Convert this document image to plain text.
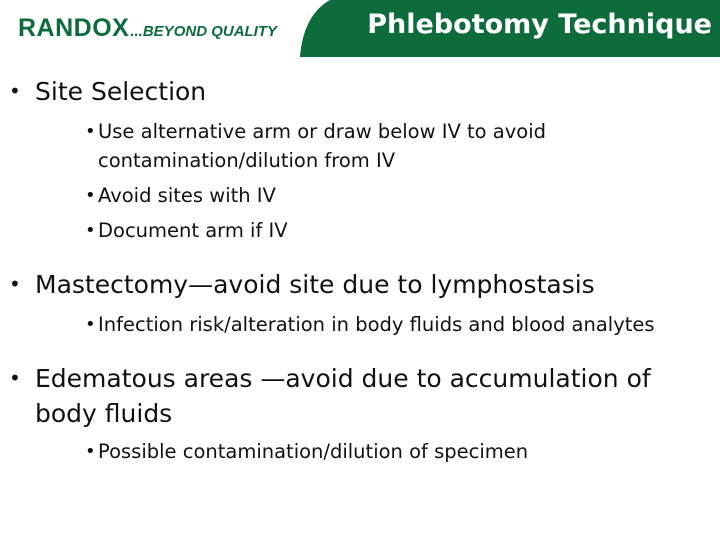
RANDOX ...BEYOND QUALITY	Phlebotomy Technique
• Site Selection
• Use alternative arm or draw below IV to avoid contamination/dilution from IV
• Avoid sites with IV
• Document arm if IV
• Mastectomy—avoid site due to lymphostasis
• Infection risk/alteration in body fluids and blood analytes
• Edematous areas —avoid due to accumulation of body fluids
• Possible contamination/dilution of specimen
